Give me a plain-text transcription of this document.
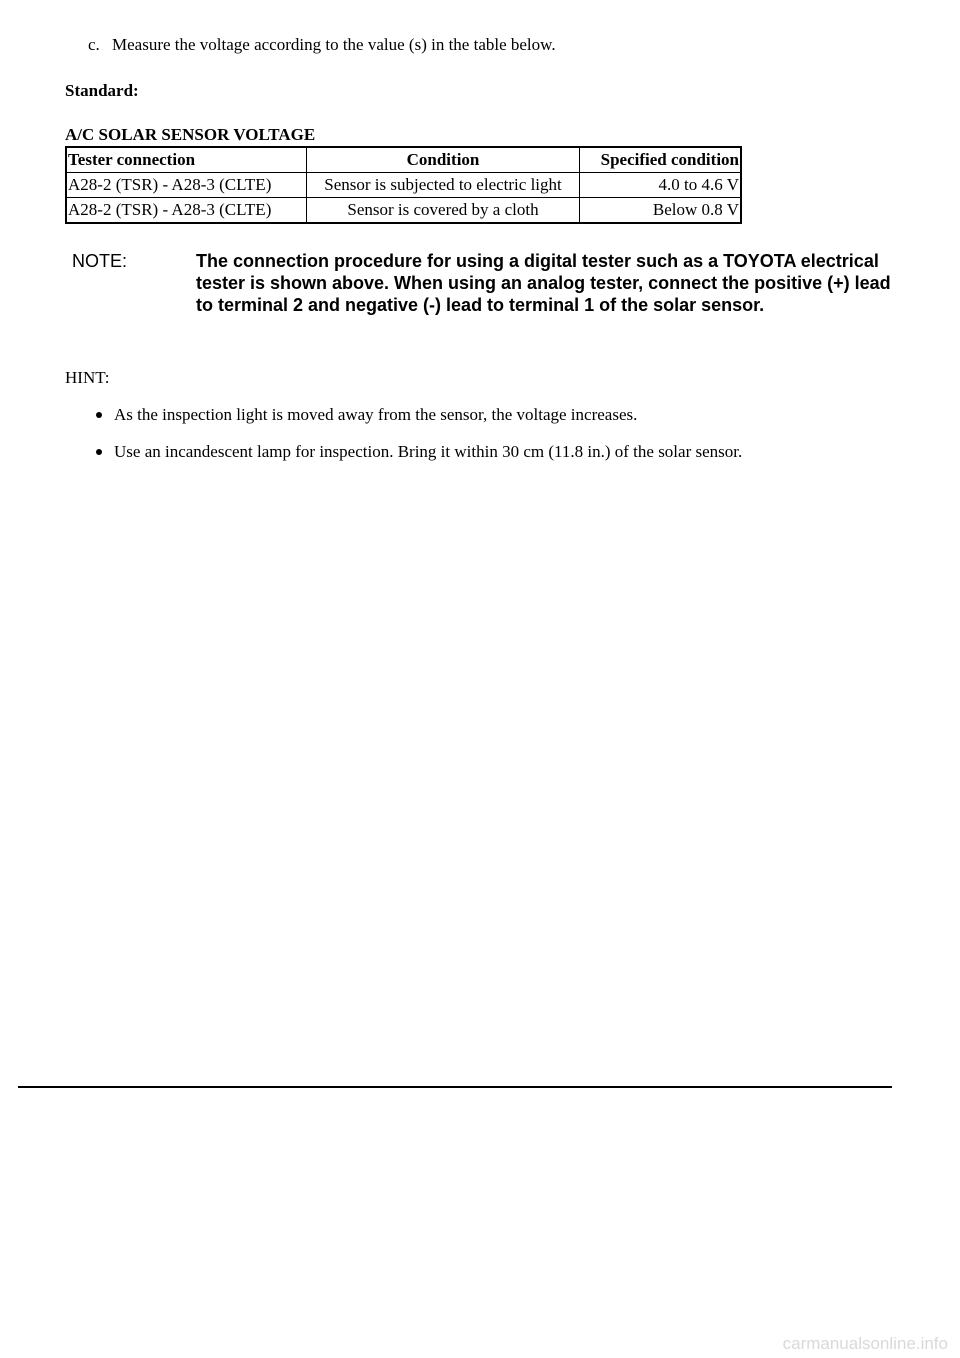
c. Measure the voltage according to the value (s) in the table below.
Standard:
A/C SOLAR SENSOR VOLTAGE
Tester connection	Condition	Specified condition
A28-2 (TSR) - A28-3 (CLTE)	Sensor is subjected to electric light	4.0 to 4.6 V
A28-2 (TSR) - A28-3 (CLTE)	Sensor is covered by a cloth	Below 0.8 V
NOTE:	The connection procedure for using a digital tester such as a TOYOTA electrical tester is shown above. When using an analog tester, connect the positive (+) lead to terminal 2 and negative (-) lead to terminal 1 of the solar sensor.
HINT:
As the inspection light is moved away from the sensor, the voltage increases.
Use an incandescent lamp for inspection. Bring it within 30 cm (11.8 in.) of the solar sensor.
carmanualsonline.info
